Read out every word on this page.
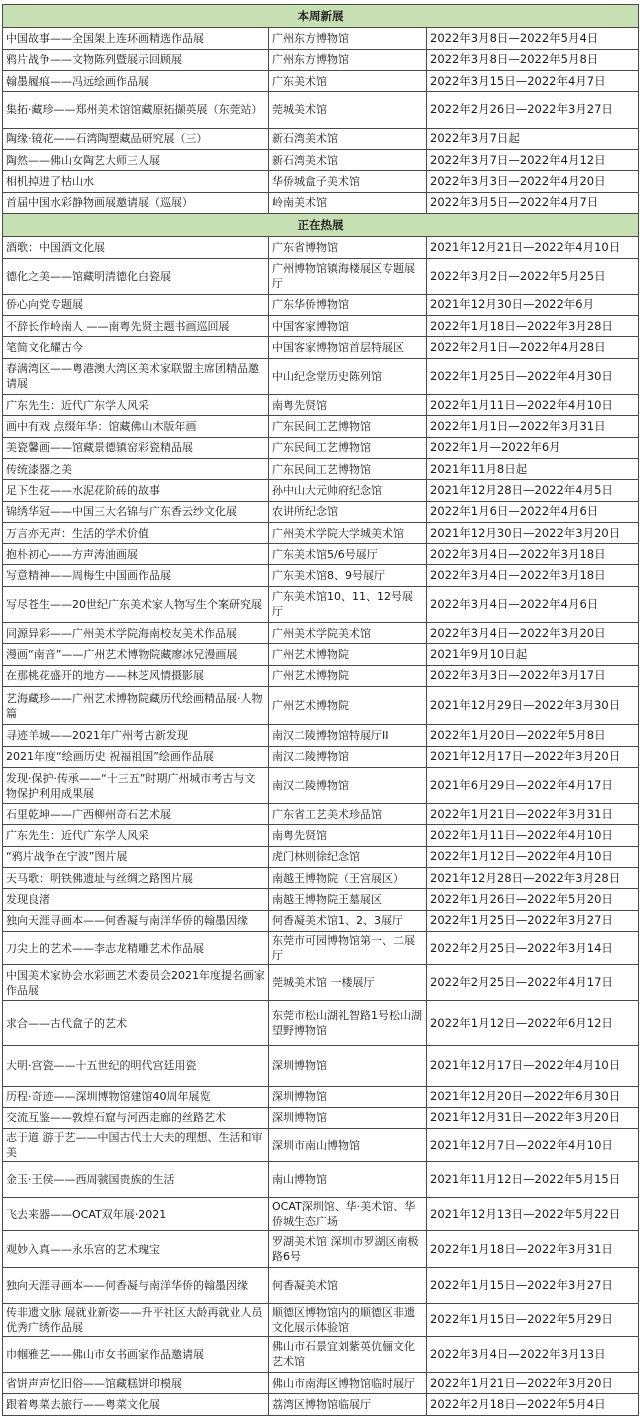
本周新展		
中国故事——全国架上连环画精选作品展	广州东方博物馆	2022年3月8日—2022年5月4日
鸦片战争——文物陈列暨展示回顾展	广州东方博物馆	2022年3月8日—2022年5月8日
翰墨履痕——冯远绘画作品展	广东美术馆	2022年3月15日—2022年4月7日
集拓·藏珍——郑州美术馆馆藏原拓撷英展（东莞站）	莞城美术馆	2022年2月26日—2022年3月27日
陶缘·镜花——石湾陶塑藏品研究展（三）	新石湾美术馆	2022年3月7日起
陶然——佛山女陶艺大师三人展	新石湾美术馆	2022年3月7日—2022年4月12日
相机掉进了枯山水	华侨城盒子美术馆	2022年3月3日—2022年4月20日
首届中国水彩静物画展邀请展（巡展）	岭南美术馆	2022年3月5日—2022年4月7日
正在热展		
酒歌：中国酒文化展	广东省博物馆	2021年12月21日—2022年4月10日
德化之美——馆藏明清德化白瓷展	广州博物馆镇海楼展区专题展厅	2022年3月2日—2022年5月25日
侨心向党专题展	广东华侨博物馆	2021年12月30日—2022年6月
不辞长作岭南人 ——南粤先贤主题书画巡回展	中国客家博物馆	2022年1月18日—2022年3月28日
笔简文化耀古今	中国客家博物馆首层特展区	2022年2月1日—2022年4月28日
春满湾区——粤港澳大湾区美术家联盟主席团精品邀请展	中山纪念堂历史陈列馆	2022年1月25日—2022年4月30日
广东先生：近代广东学人风采	南粤先贤馆	2022年1月11日—2022年4月10日
画中有戏 点缀年华：馆藏佛山木版年画	广东民间工艺博物馆	2022年1月1日—2022年3月31日
美瓷馨画——馆藏景德镇窑彩瓷精品展	广东民间工艺博物馆	2022年1月—2022年6月
传统漆器之美	广东民间工艺博物馆	2021年11月8日起
足下生花——水泥花阶砖的故事	孙中山大元帅府纪念馆	2021年12月28日—2022年4月5日
锦绣华冠——中国三大名锦与广东香云纱文化展	农讲所纪念馆	2022年1月6日—2022年4月6日
万言亦无声：生活的学术价值	广州美术学院大学城美术馆	2021年12月30日—2022年3月20日
抱朴初心——方声涛油画展	广东美术馆5/6号展厅	2022年3月4日—2022年3月18日
写意精神——周梅生中国画作品展	广东美术馆8、9号展厅	2022年3月4日—2022年3月18日
写尽苍生——20世纪广东美术家人物写生个案研究展	广东美术馆10、11、12号展厅	2022年3月4日—2022年4月6日
同源异彩——广州美术学院海南校友美术作品展	广州美术学院美术馆	2022年3月4日—2022年3月20日
漫画“南音”——广州艺术博物院藏廖冰兄漫画展	广州艺术博物院	2021年9月10日起
在那桃花盛开的地方——林芝风情摄影展	广州艺术博物院	2022年3月3日—2022年3月17日
艺海藏珍——广州艺术博物院藏历代绘画精品展·人物篇	广州艺术博物院	2021年12月29日—2022年3月30日
寻迹羊城——2021年广州考古新发现	南汉二陵博物馆特展厅II	2022年1月20日—2022年5月8日
2021年度“绘画历史 祝福祖国”绘画作品展	南汉二陵博物馆	2021年12月17日—2022年3月20日
发现·保护·传承——“十三五”时期广州城市考古与文物保护利用成果展	南汉二陵博物馆	2021年6月29日—2022年4月17日
石里乾坤——广西柳州奇石艺术展	广东省工艺美术珍品馆	2022年1月21日—2022年3月31日
广东先生：近代广东学人风采	南粤先贤馆	2022年1月11日—2022年4月10日
“鸦片战争在宁波”图片展	虎门林则徐纪念馆	2022年1月12日—2022年4月10日
天马歌：明铁佛遗址与丝绸之路图片展	南越王博物院（王宫展区）	2021年12月28日—2022年3月28日
发现良渚	南越王博物院王墓展区	2022年1月26日—2022年5月20日
独向天涯寻画本——何香凝与南洋华侨的翰墨因缘	何香凝美术馆1、2、3展厅	2022年1月25日—2022年3月27日
刀尖上的艺术——李志龙精雕艺术作品展	东莞市可园博物馆第一、二展厅	2022年2月25日—2022年3月14日
中国美术家协会水彩画艺术委员会2021年度提名画家作品展	莞城美术馆 一楼展厅	2022年2月25日—2022年4月17日
求合——古代盒子的艺术	东莞市松山湖礼智路1号松山湖望野博物馆	2022年1月12日—2022年6月12日
大明·宫瓷——十五世纪的明代宫廷用瓷	深圳博物馆	2021年12月17日—2022年4月10日
历程·奇迹——深圳博物馆建馆40周年展览	深圳博物馆	2021年12月20日—2022年6月30日
交流互鉴——敦煌石窟与河西走廊的丝路艺术	深圳博物馆	2021年12月31日—2022年3月20日
志于道 游于艺——中国古代士大夫的理想、生活和审美	深圳市南山博物馆	2021年12月7日—2022年4月10日
金玉·王侯——西周虢国贵族的生活	南山博物馆	2021年11月12日—2022年5月15日
飞去来器——OCAT双年展·2021	OCAT深圳馆、华·美术馆、华侨城生态广场	2021年12月13日—2022年5月22日
观妙入真——永乐宫的艺术瑰宝	罗湖美术馆 深圳市罗湖区南极路6号	2022年1月18日—2022年3月31日
独向天涯寻画本——何香凝与南洋华侨的翰墨因缘	何香凝美术馆	2022年1月15日—2022年3月27日
传非遗文脉 展就业新姿——升平社区大龄再就业人员优秀广绣作品展	顺德区博物馆内的顺德区非遗文化展示体验馆	2022年1月15日—2022年5月29日
巾帼雅艺——佛山市女书画家作品邀请展	佛山市石景宜刘紫英伉俪文化艺术馆	2022年3月4日—2022年3月13日
省饼声声忆旧俗——馆藏糕饼印模展	佛山市南海区博物馆临时展厅	2022年1月21日—2022年3月20日
跟着粤菜去旅行——粤菜文化展	荔湾区博物馆临展厅	2022年2月18日—2022年5月4日
